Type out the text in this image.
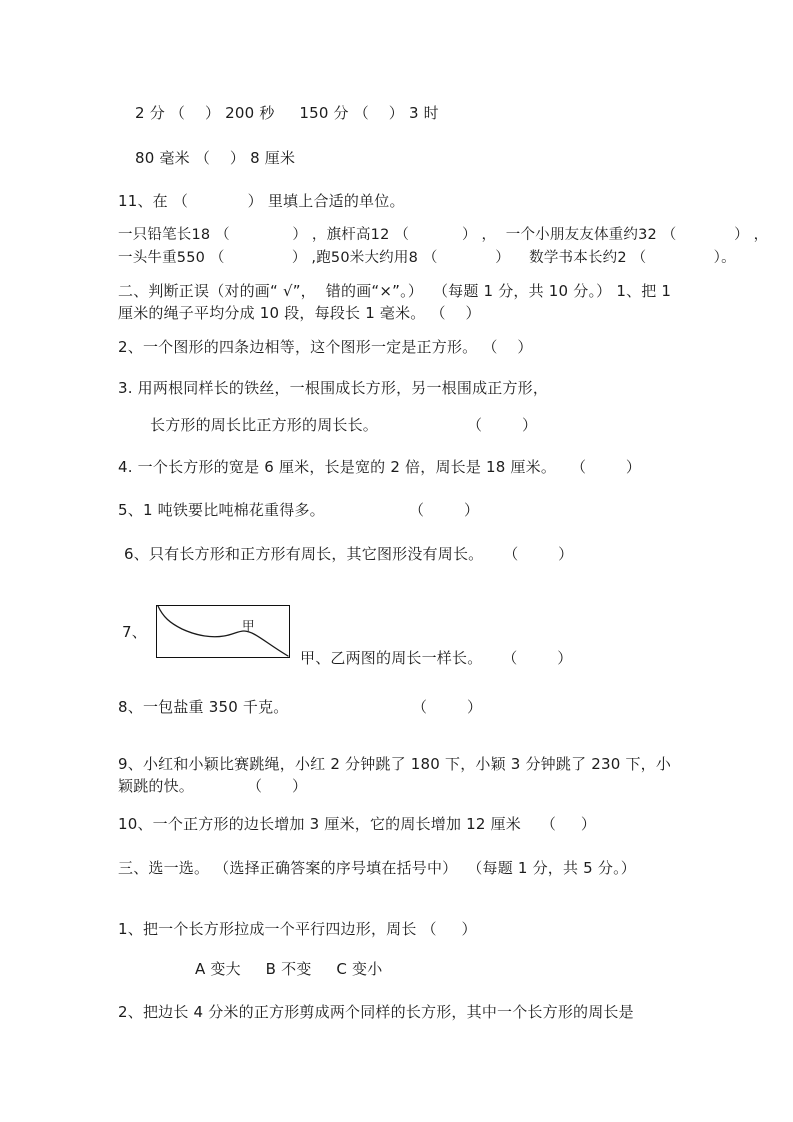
2 分 （    ） 200 秒     150 分 （    ） 3 时
80 毫米 （    ） 8 厘米
11、在 （            ） 里填上合适的单位。
一只铅笔长18 （             ） ，旗杆高12 （           ） ，  一个小朋友友体重约32 （            ） ，
一头牛重550 （              ） ,跑50米大约用8 （            ）    数学书本长约2 （              ）。
二、判断正误（对的画“ √”，  错的画“×”。）  （每题 1 分，共 10 分。） 1、把 1
厘米的绳子平均分成 10 段，每段长 1 毫米。 （    ）
2、一个图形的四条边相等，这个图形一定是正方形。 （    ）
3. 用两根同样长的铁丝，一根围成长方形，另一根围成正方形，
长方形的周长比正方形的周长长。	（        ）
4. 一个长方形的宽是 6 厘米，长是宽的 2 倍，周长是 18 厘米。   （        ）
5、1 吨铁要比吨棉花重得多。	（        ）
6、只有长方形和正方形有周长，其它图形没有周长。    （        ）
7、	甲
甲、乙两图的周长一样长。    （        ）
8、一包盐重 350 千克。	（        ）
9、小红和小颖比赛跳绳，小红 2 分钟跳了 180 下，小颖 3 分钟跳了 230 下，小
颖跳的快。	（      ）
10、一个正方形的边长增加 3 厘米，它的周长增加 12 厘米    （     ）
三、选一选。 （选择正确答案的序号填在括号中）  （每题 1 分，共 5 分。）
1、把一个长方形拉成一个平行四边形，周长 （     ）
A 变大     B 不变     C 变小
2、把边长 4 分米的正方形剪成两个同样的长方形，其中一个长方形的周长是
